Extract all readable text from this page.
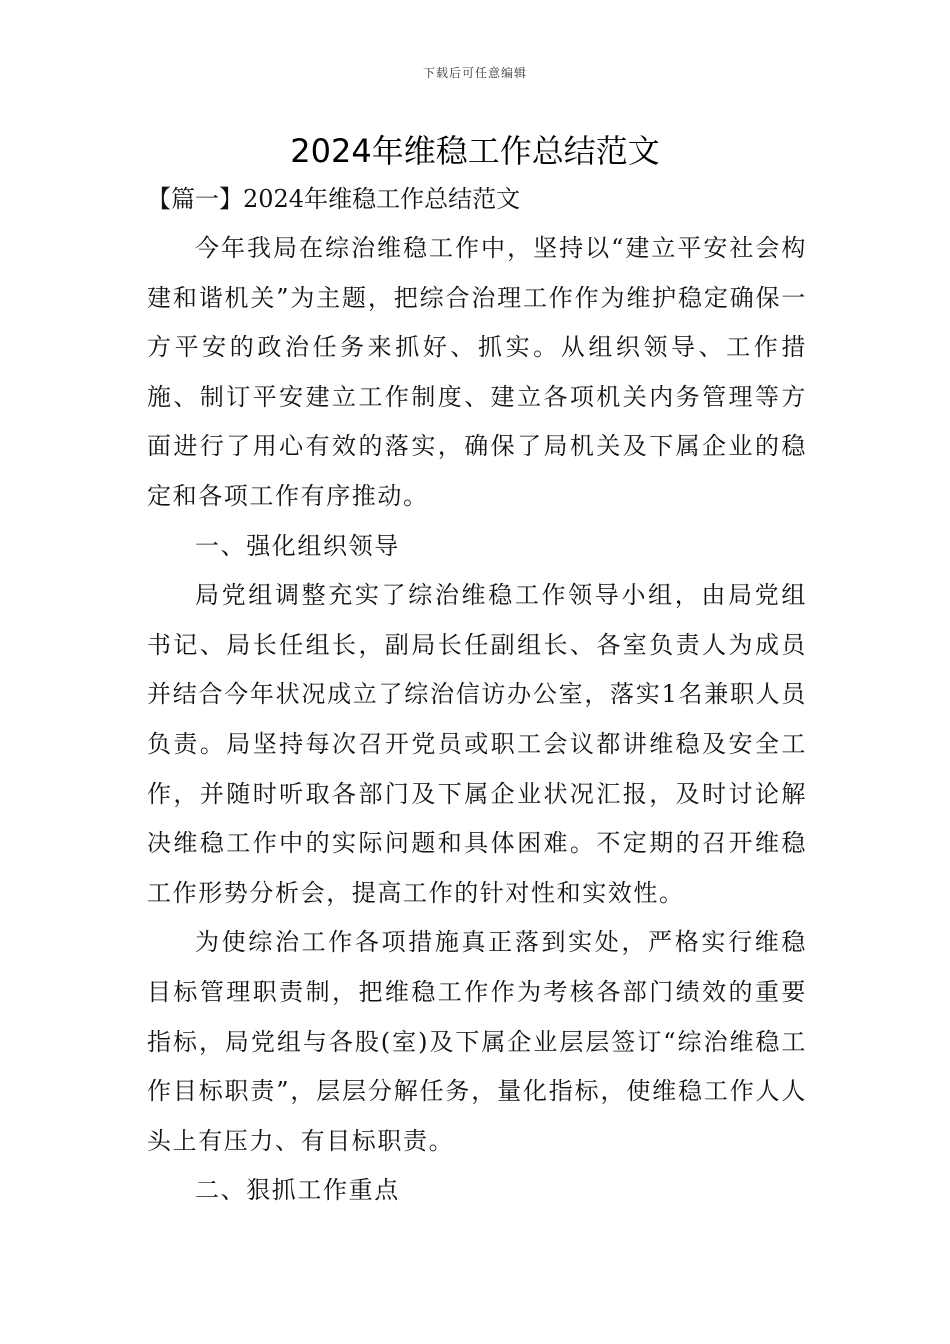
下载后可任意编辑
2024年维稳工作总结范文
【篇一】2024年维稳工作总结范文

今年我局在综治维稳工作中，坚持以“建立平安社会构建和谐机关”为主题，把综合治理工作作为维护稳定确保一方平安的政治任务来抓好、抓实。从组织领导、工作措施、制订平安建立工作制度、建立各项机关内务管理等方面进行了用心有效的落实，确保了局机关及下属企业的稳定和各项工作有序推动。

一、强化组织领导

局党组调整充实了综治维稳工作领导小组，由局党组书记、局长任组长，副局长任副组长、各室负责人为成员并结合今年状况成立了综治信访办公室，落实1名兼职人员负责。局坚持每次召开党员或职工会议都讲维稳及安全工作，并随时听取各部门及下属企业状况汇报，及时讨论解决维稳工作中的实际问题和具体困难。不定期的召开维稳工作形势分析会，提高工作的针对性和实效性。

为使综治工作各项措施真正落到实处，严格实行维稳目标管理职责制，把维稳工作作为考核各部门绩效的重要指标，局党组与各股(室)及下属企业层层签订“综治维稳工作目标职责”，层层分解任务，量化指标，使维稳工作人人头上有压力、有目标职责。

二、狠抓工作重点
